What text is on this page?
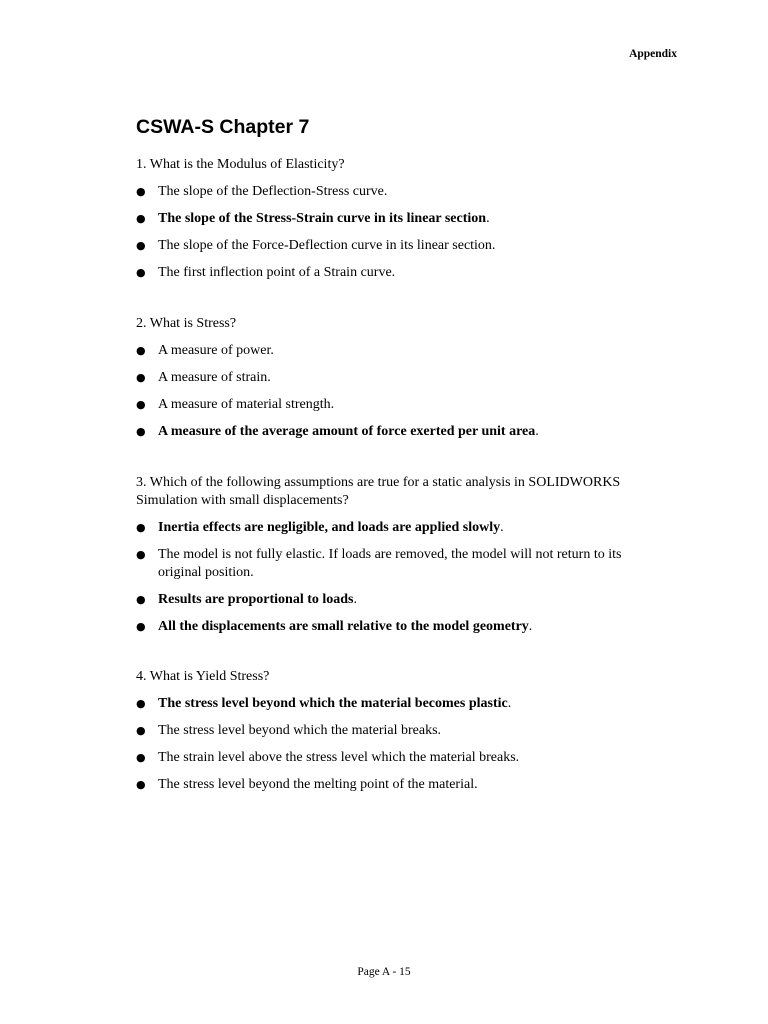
Appendix
CSWA-S Chapter 7

1. What is the Modulus of Elasticity?

● The slope of the Deflection-Stress curve.
● The slope of the Stress-Strain curve in its linear section.
● The slope of the Force-Deflection curve in its linear section.
● The first inflection point of a Strain curve.

2. What is Stress?

● A measure of power.
● A measure of strain.
● A measure of material strength.
● A measure of the average amount of force exerted per unit area.

3. Which of the following assumptions are true for a static analysis in SOLIDWORKS Simulation with small displacements?

● Inertia effects are negligible, and loads are applied slowly.
● The model is not fully elastic. If loads are removed, the model will not return to its original position.
● Results are proportional to loads.
● All the displacements are small relative to the model geometry.

4. What is Yield Stress?

● The stress level beyond which the material becomes plastic.
● The stress level beyond which the material breaks.
● The strain level above the stress level which the material breaks.
● The stress level beyond the melting point of the material.
Page A - 15
